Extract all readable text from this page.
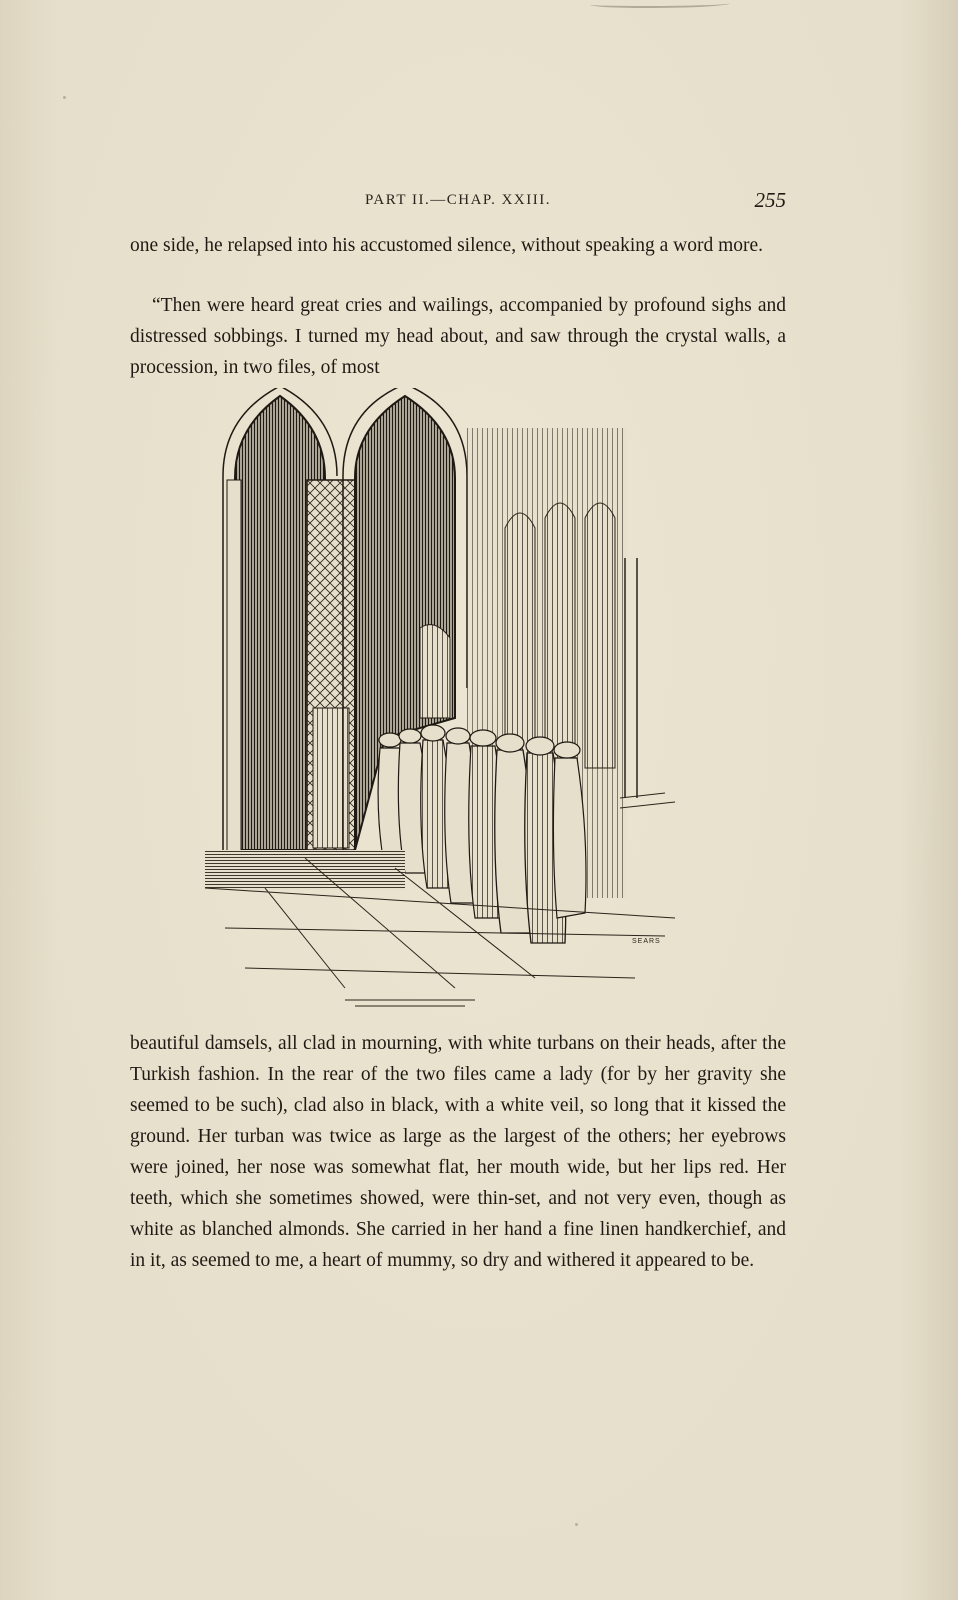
PART II.—CHAP. XXIII.	255

one side, he relapsed into his accustomed silence, without speaking a word more.

“Then were heard great cries and wailings, accompanied by profound sighs and distressed sobbings. I turned my head about, and saw through the crystal walls, a procession, in two files, of most

SEARS

beautiful damsels, all clad in mourning, with white turbans on their heads, after the Turkish fashion. In the rear of the two files came a lady (for by her gravity she seemed to be such), clad also in black, with a white veil, so long that it kissed the ground. Her turban was twice as large as the largest of the others; her eyebrows were joined, her nose was somewhat flat, her mouth wide, but her lips red. Her teeth, which she sometimes showed, were thin-set, and not very even, though as white as blanched almonds. She carried in her hand a fine linen handkerchief, and in it, as seemed to me, a heart of mummy, so dry and withered it appeared to be.
